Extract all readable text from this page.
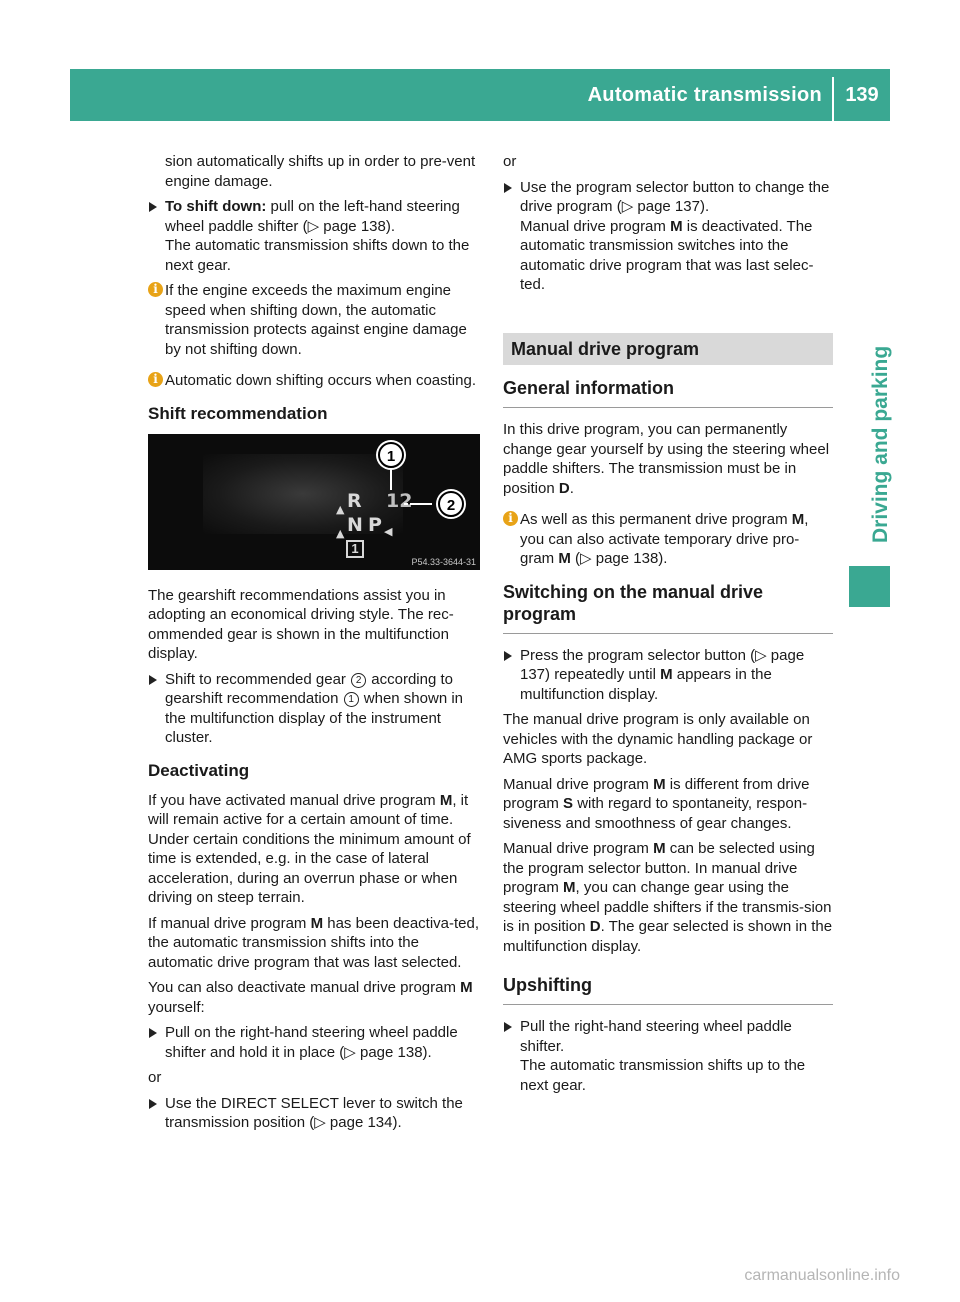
Automatic transmission	139
Driving and parking

sion automatically shifts up in order to pre-vent engine damage.

To shift down: pull on the left-hand steering wheel paddle shifter (▷ page 138).
The automatic transmission shifts down to the next gear.
i If the engine exceeds the maximum engine speed when shifting down, the automatic transmission protects against engine damage by not shifting down.
i Automatic down shifting occurs when coasting.
Shift recommendation
▲ R 12
▲ N P ◀
1
1
2
P54.33-3644-31

The gearshift recommendations assist you in adopting an economical driving style. The rec-ommended gear is shown in the multifunction display.

Shift to recommended gear 2 according to gearshift recommendation 1 when shown in the multifunction display of the instrument cluster.
Deactivating

If you have activated manual drive program M, it will remain active for a certain amount of time. Under certain conditions the minimum amount of time is extended, e.g. in the case of lateral acceleration, during an overrun phase or when driving on steep terrain.

If manual drive program M has been deactiva-ted, the automatic transmission shifts into the automatic drive program that was last selected.

You can also deactivate manual drive program M yourself:

Pull on the right-hand steering wheel paddle shifter and hold it in place (▷ page 138).

or

Use the DIRECT SELECT lever to switch the transmission position (▷ page 134).

or

Use the program selector button to change the drive program (▷ page 137).
Manual drive program M is deactivated. The automatic transmission switches into the automatic drive program that was last selec-ted.
Manual drive program
General information

In this drive program, you can permanently change gear yourself by using the steering wheel paddle shifters. The transmission must be in position D.

i As well as this permanent drive program M, you can also activate temporary drive pro-gram M (▷ page 138).
Switching on the manual drive program
Press the program selector button (▷ page 137) repeatedly until M appears in the multifunction display.

The manual drive program is only available on vehicles with the dynamic handling package or AMG sports package.

Manual drive program M is different from drive program S with regard to spontaneity, respon-siveness and smoothness of gear changes.

Manual drive program M can be selected using the program selector button. In manual drive program M, you can change gear using the steering wheel paddle shifters if the transmis-sion is in position D. The gear selected is shown in the multifunction display.

Upshifting
Pull the right-hand steering wheel paddle shifter.
The automatic transmission shifts up to the next gear.
carmanualsonline.info
